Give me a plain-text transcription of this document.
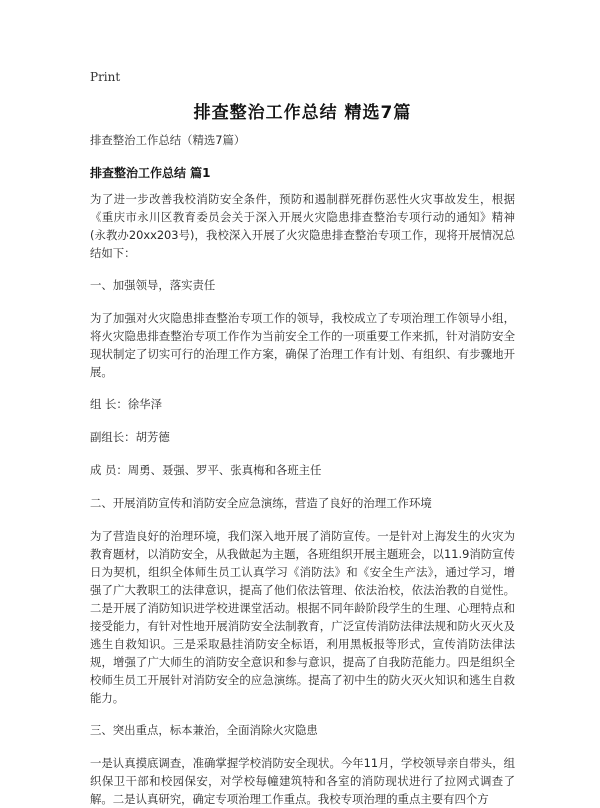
Print
排查整治工作总结 精选7篇

排查整治工作总结（精选7篇）

排查整治工作总结 篇1

为了进一步改善我校消防安全条件，预防和遏制群死群伤恶性火灾事故发生，根据《重庆市永川区教育委员会关于深入开展火灾隐患排查整治专项行动的通知》精神(永教办20xx203号)，我校深入开展了火灾隐患排查整治专项工作，现将开展情况总结如下：

一、加强领导，落实责任

为了加强对火灾隐患排查整治专项工作的领导，我校成立了专项治理工作领导小组，将火灾隐患排查整治专项工作作为当前安全工作的一项重要工作来抓，针对消防安全现状制定了切实可行的治理工作方案，确保了治理工作有计划、有组织、有步骤地开展。

组 长：徐华泽

副组长：胡芳德

成 员：周勇、聂强、罗平、张真梅和各班主任

二、开展消防宣传和消防安全应急演练，营造了良好的治理工作环境

为了营造良好的治理环境，我们深入地开展了消防宣传。一是针对上海发生的火灾为教育题材，以消防安全，从我做起为主题，各班组织开展主题班会，以11.9消防宣传日为契机，组织全体师生员工认真学习《消防法》和《安全生产法》，通过学习，增强了广大教职工的法律意识，提高了他们依法管理、依法治校，依法治教的自觉性。二是开展了消防知识进学校进课堂活动。根据不同年龄阶段学生的生理、心理特点和接受能力，有针对性地开展消防安全法制教育，广泛宣传消防法律法规和防火灭火及逃生自救知识。三是采取悬挂消防安全标语，利用黑板报等形式，宣传消防法律法规，增强了广大师生的消防安全意识和参与意识，提高了自我防范能力。四是组织全校师生员工开展针对消防安全的应急演练。提高了初中生的防火灭火知识和逃生自救能力。

三、突出重点，标本兼治，全面消除火灾隐患

一是认真摸底调查，准确掌握学校消防安全现状。今年11月，学校领导亲自带头，组织保卫干部和校园保安，对学校每幢建筑特和各室的消防现状进行了拉网式调查了解。二是认真研究，确定专项治理工作重点。我校专项治理的重点主要有四个方
